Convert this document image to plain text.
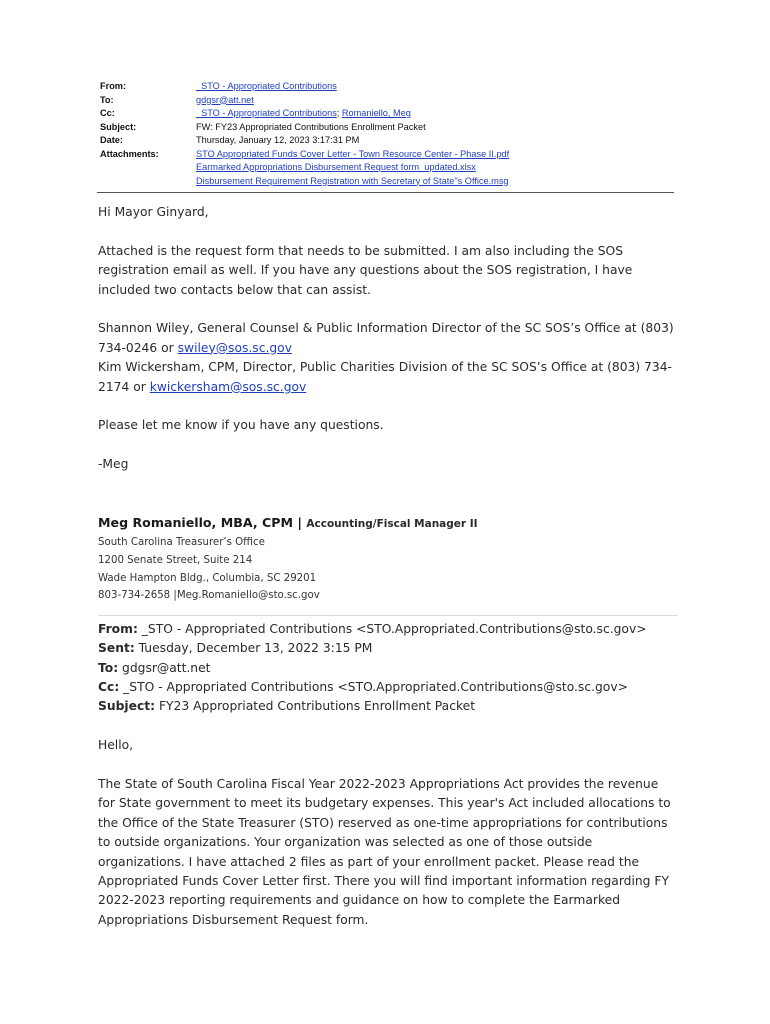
From:	_STO - Appropriated Contributions
To:	gdgsr@att.net
Cc:	_STO - Appropriated Contributions; Romaniello, Meg
Subject:	FW: FY23 Appropriated Contributions Enrollment Packet
Date:	Thursday, January 12, 2023 3:17:31 PM
Attachments:	STO Appropriated Funds Cover Letter - Town Resource Center - Phase II.pdf
Earmarked Appropriations Disbursement Request form_updated.xlsx
Disbursement Requirement Registration with Secretary of State"s Office.msg

Hi Mayor Ginyard,

Attached is the request form that needs to be submitted. I am also including the SOS registration email as well. If you have any questions about the SOS registration, I have included two contacts below that can assist.

Shannon Wiley, General Counsel & Public Information Director of the SC SOS’s Office at (803) 734-0246 or swiley@sos.sc.gov

Kim Wickersham, CPM, Director, Public Charities Division of the SC SOS’s Office at (803) 734-2174 or kwickersham@sos.sc.gov

Please let me know if you have any questions.

-Meg

Meg Romaniello, MBA, CPM | Accounting/Fiscal Manager II

South Carolina Treasurer’s Office

1200 Senate Street, Suite 214

Wade Hampton Bldg., Columbia, SC 29201

803-734-2658 |Meg.Romaniello@sto.sc.gov

From: _STO - Appropriated Contributions <STO.Appropriated.Contributions@sto.sc.gov>

Sent: Tuesday, December 13, 2022 3:15 PM

To: gdgsr@att.net

Cc: _STO - Appropriated Contributions <STO.Appropriated.Contributions@sto.sc.gov>

Subject: FY23 Appropriated Contributions Enrollment Packet

Hello,

The State of South Carolina Fiscal Year 2022-2023 Appropriations Act provides the revenue for State government to meet its budgetary expenses. This year's Act included allocations to the Office of the State Treasurer (STO) reserved as one-time appropriations for contributions to outside organizations. Your organization was selected as one of those outside organizations. I have attached 2 files as part of your enrollment packet. Please read the Appropriated Funds Cover Letter first. There you will find important information regarding FY 2022-2023 reporting requirements and guidance on how to complete the Earmarked Appropriations Disbursement Request form.
